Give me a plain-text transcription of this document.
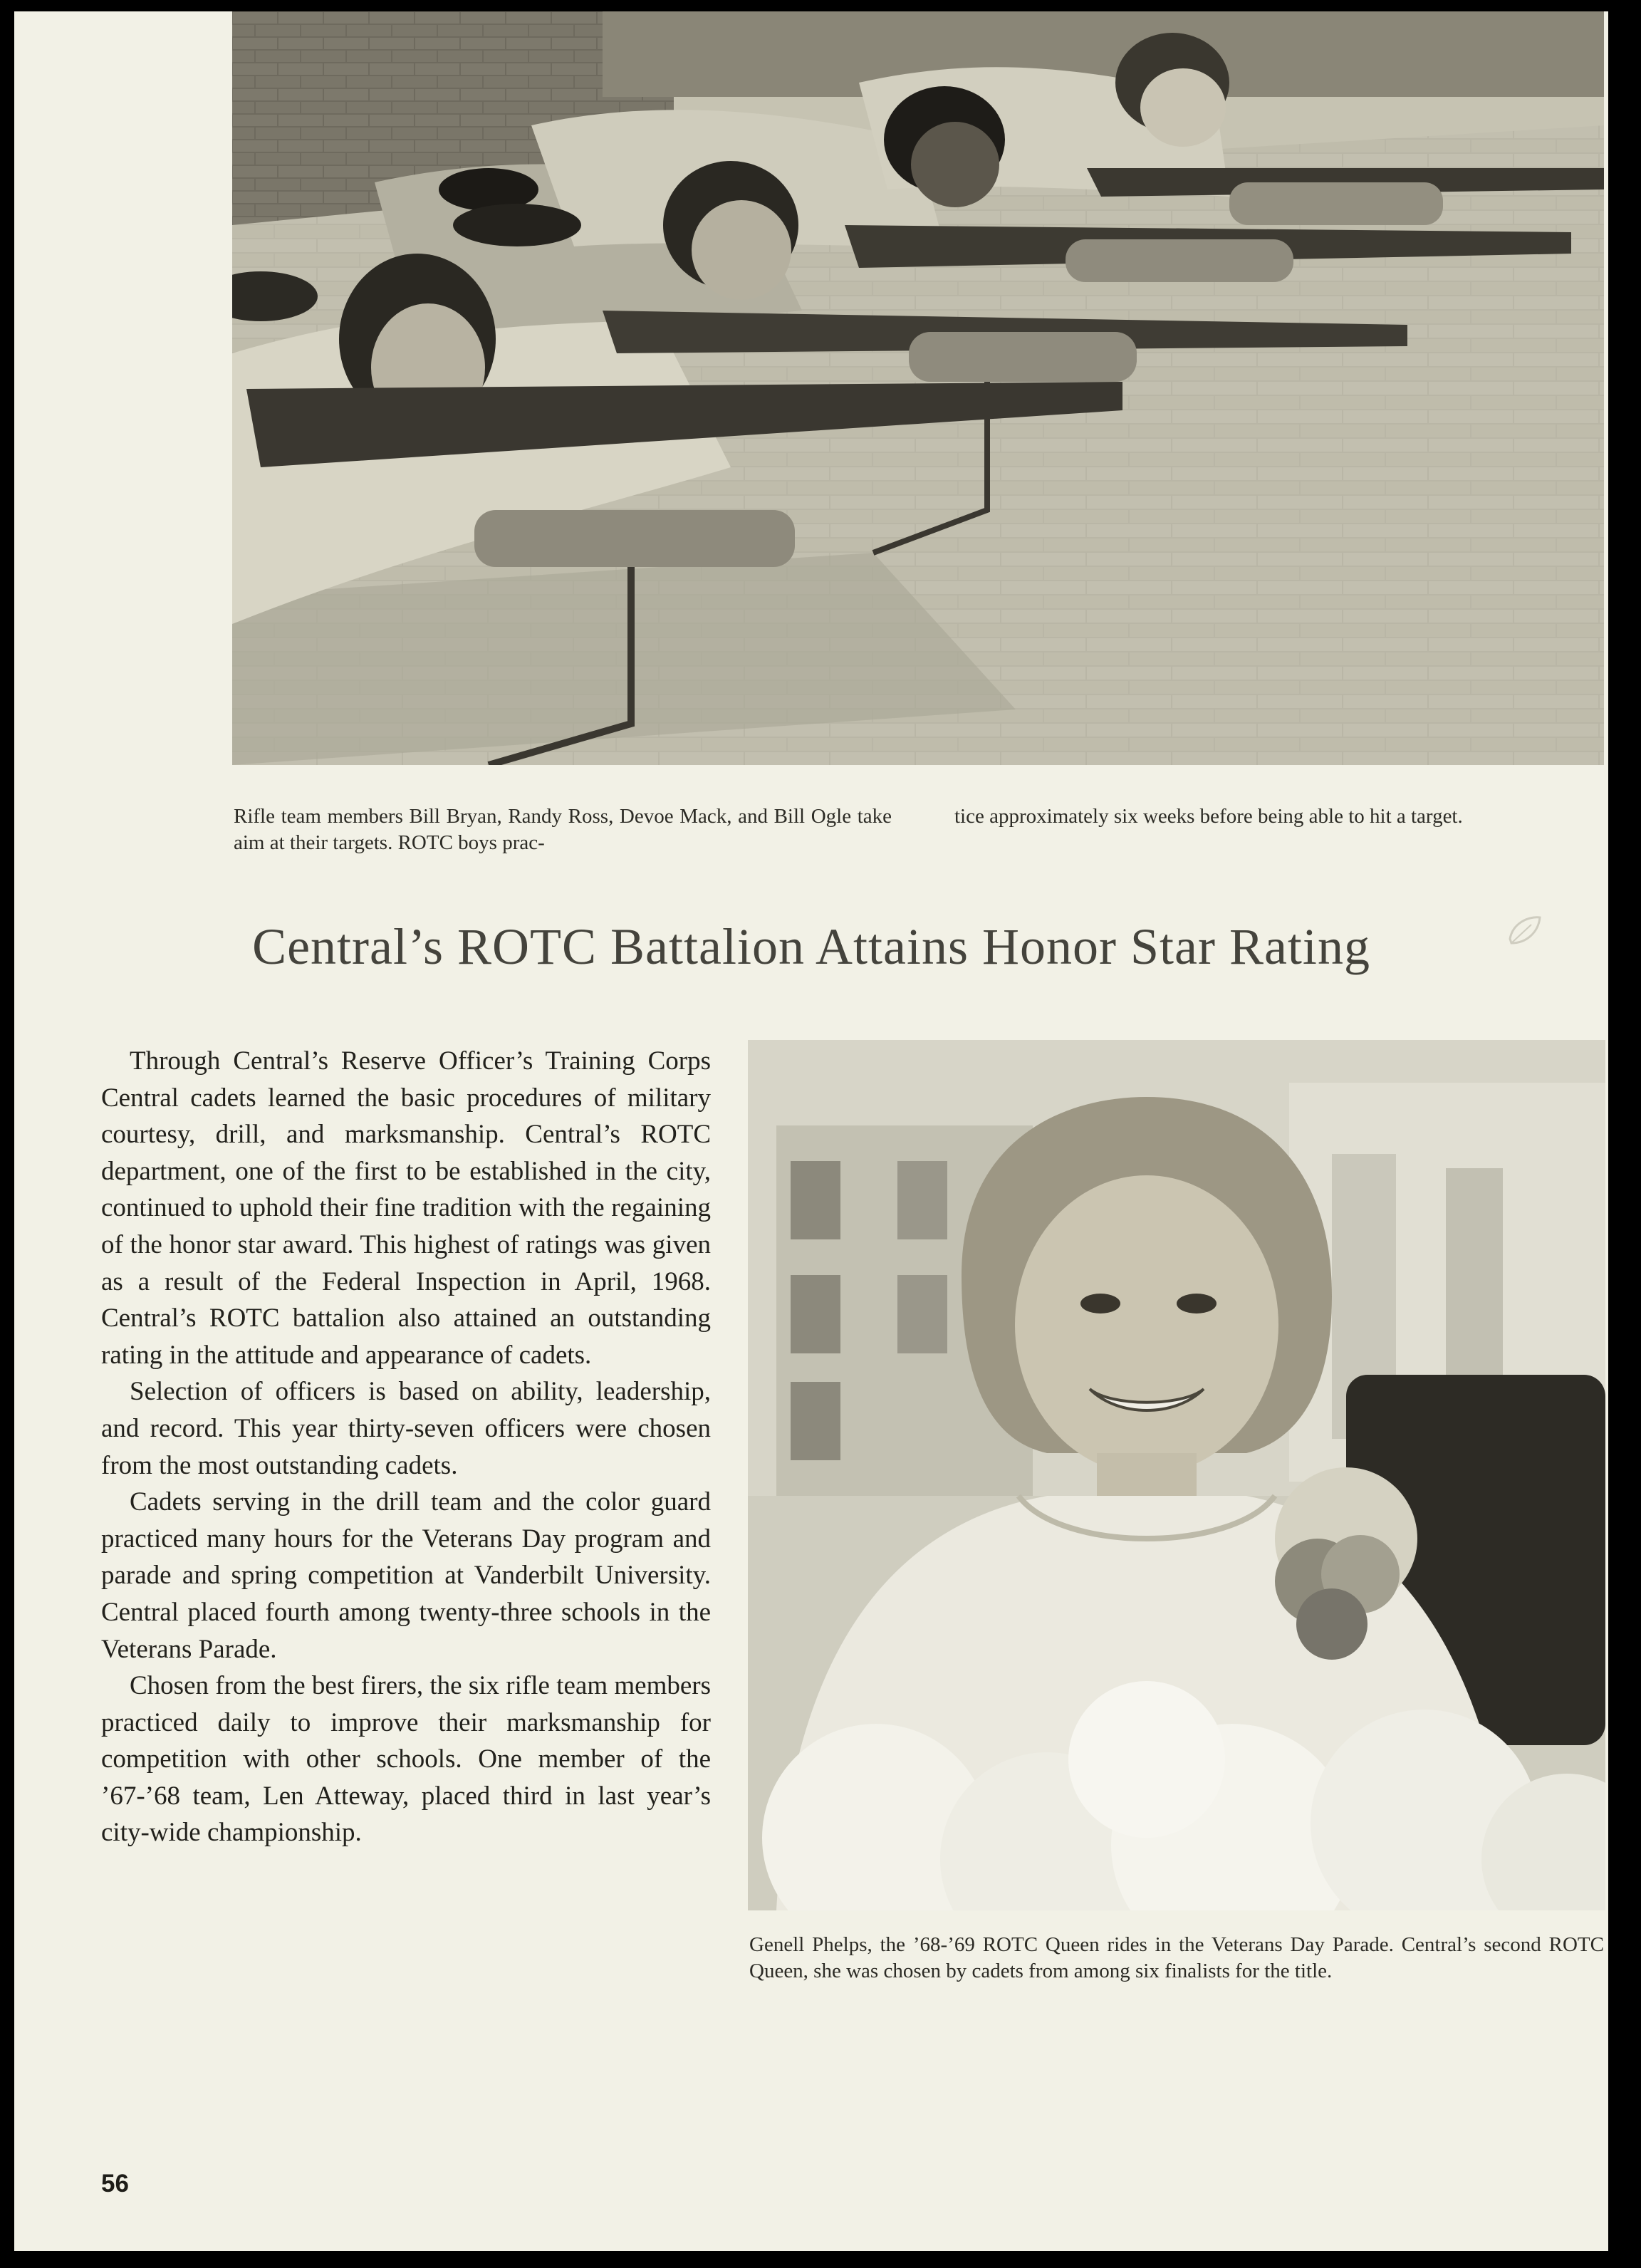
Rifle team members Bill Bryan, Randy Ross, Devoe Mack, and Bill Ogle take aim at their targets. ROTC boys prac-
tice approximately six weeks before being able to hit a target.
Central’s ROTC Battalion Attains Honor Star Rating

Through Central’s Reserve Officer’s Training Corps Central cadets learned the basic procedures of military courtesy, drill, and marksmanship. Central’s ROTC department, one of the first to be established in the city, continued to uphold their fine tradition with the regaining of the honor star award. This highest of ratings was given as a result of the Federal Inspection in April, 1968. Central’s ROTC battalion also attained an outstanding rating in the attitude and appearance of cadets.

Selection of officers is based on ability, leadership, and record. This year thirty-seven officers were chosen from the most outstanding cadets.

Cadets serving in the drill team and the color guard practiced many hours for the Veterans Day program and parade and spring competition at Vanderbilt University. Central placed fourth among twenty-three schools in the Veterans Parade.

Chosen from the best firers, the six rifle team members practiced daily to improve their marksmanship for competition with other schools. One member of the ’67-’68 team, Len Atteway, placed third in last year’s city-wide championship.

Genell Phelps, the ’68-’69 ROTC Queen rides in the Veterans Day Parade. Central’s second ROTC Queen, she was chosen by cadets from among six finalists for the title.
56
